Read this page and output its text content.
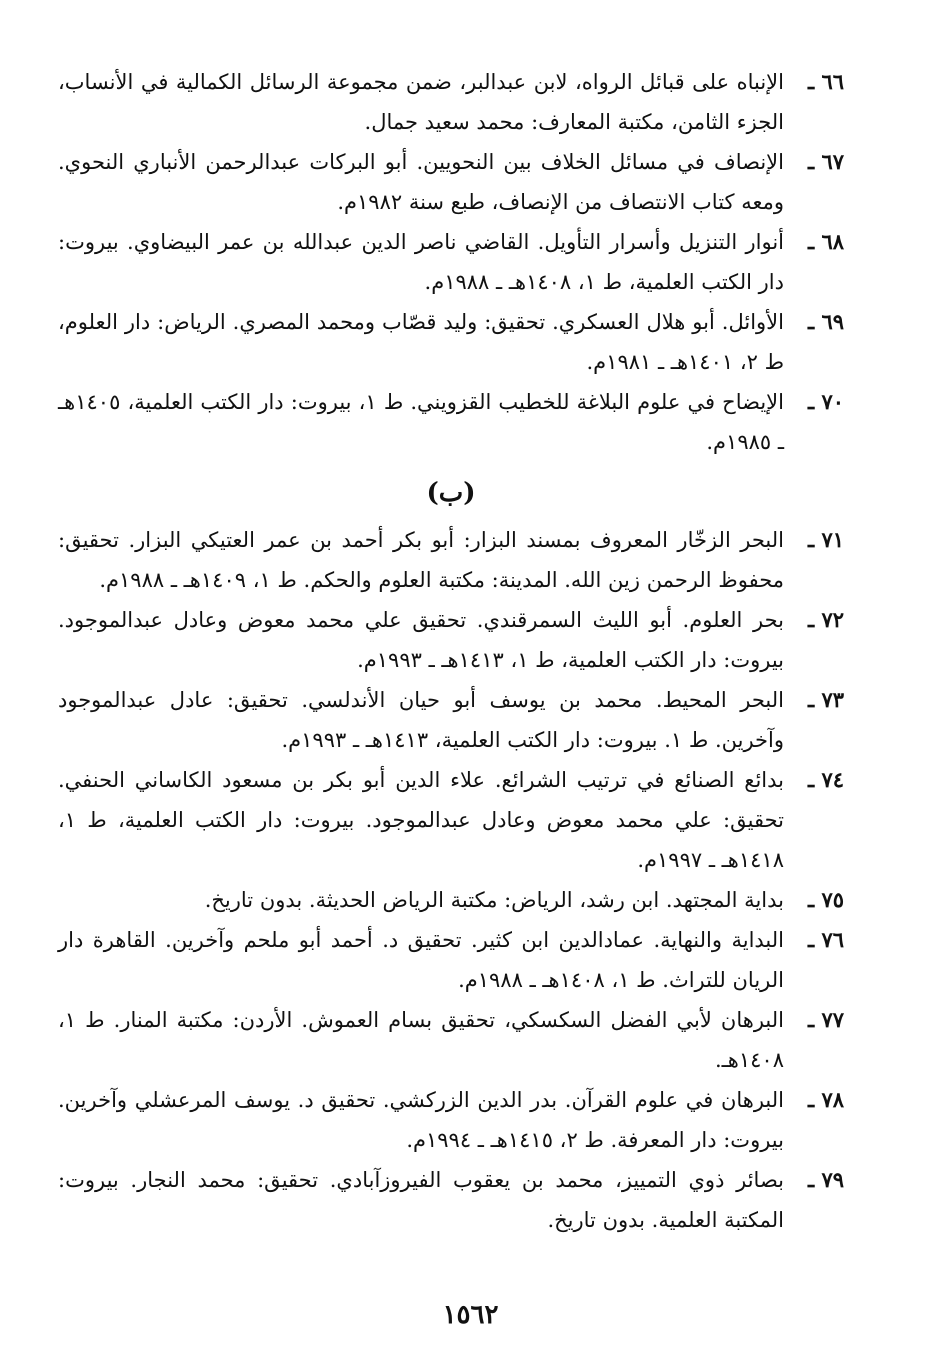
٦٦ ـ
الإنباه على قبائل الرواه، لابن عبدالبر، ضمن مجموعة الرسائل الكمالية في الأنساب، الجزء الثامن، مكتبة المعارف: محمد سعيد جمال.
٦٧ ـ
الإنصاف في مسائل الخلاف بين النحويين. أبو البركات عبدالرحمن الأنباري النحوي. ومعه كتاب الانتصاف من الإنصاف، طبع سنة ١٩٨٢م.
٦٨ ـ
أنوار التنزيل وأسرار التأويل. القاضي ناصر الدين عبدالله بن عمر البيضاوي. بيروت: دار الكتب العلمية، ط ١، ١٤٠٨هـ ـ ١٩٨٨م.
٦٩ ـ
الأوائل. أبو هلال العسكري. تحقيق: وليد قصّاب ومحمد المصري. الرياض: دار العلوم، ط ٢، ١٤٠١هـ ـ ١٩٨١م.
٧٠ ـ
الإيضاح في علوم البلاغة للخطيب القزويني. ط ١، بيروت: دار الكتب العلمية، ١٤٠٥هـ ـ ١٩٨٥م.
(ب)
٧١ ـ
البحر الزخّار المعروف بمسند البزار: أبو بكر أحمد بن عمر العتيكي البزار. تحقيق: محفوظ الرحمن زين الله. المدينة: مكتبة العلوم والحكم. ط ١، ١٤٠٩هـ ـ ١٩٨٨م.
٧٢ ـ
بحر العلوم. أبو الليث السمرقندي. تحقيق علي محمد معوض وعادل عبدالموجود. بيروت: دار الكتب العلمية، ط ١، ١٤١٣هـ ـ ١٩٩٣م.
٧٣ ـ
البحر المحيط. محمد بن يوسف أبو حيان الأندلسي. تحقيق: عادل عبدالموجود وآخرين. ط ١. بيروت: دار الكتب العلمية، ١٤١٣هـ ـ ١٩٩٣م.
٧٤ ـ
بدائع الصنائع في ترتيب الشرائع. علاء الدين أبو بكر بن مسعود الكاساني الحنفي. تحقيق: علي محمد معوض وعادل عبدالموجود. بيروت: دار الكتب العلمية، ط ١، ١٤١٨هـ ـ ١٩٩٧م.
٧٥ ـ
بداية المجتهد. ابن رشد، الرياض: مكتبة الرياض الحديثة. بدون تاريخ.
٧٦ ـ
البداية والنهاية. عمادالدين ابن كثير. تحقيق د. أحمد أبو ملحم وآخرين. القاهرة دار الريان للتراث. ط ١، ١٤٠٨هـ ـ ١٩٨٨م.
٧٧ ـ
البرهان لأبي الفضل السكسكي، تحقيق بسام العموش. الأردن: مكتبة المنار. ط ١، ١٤٠٨هـ.
٧٨ ـ
البرهان في علوم القرآن. بدر الدين الزركشي. تحقيق د. يوسف المرعشلي وآخرين. بيروت: دار المعرفة. ط ٢، ١٤١٥هـ ـ ١٩٩٤م.
٧٩ ـ
بصائر ذوي التمييز، محمد بن يعقوب الفيروزآبادي. تحقيق: محمد النجار. بيروت: المكتبة العلمية. بدون تاريخ.
١٥٦٢
